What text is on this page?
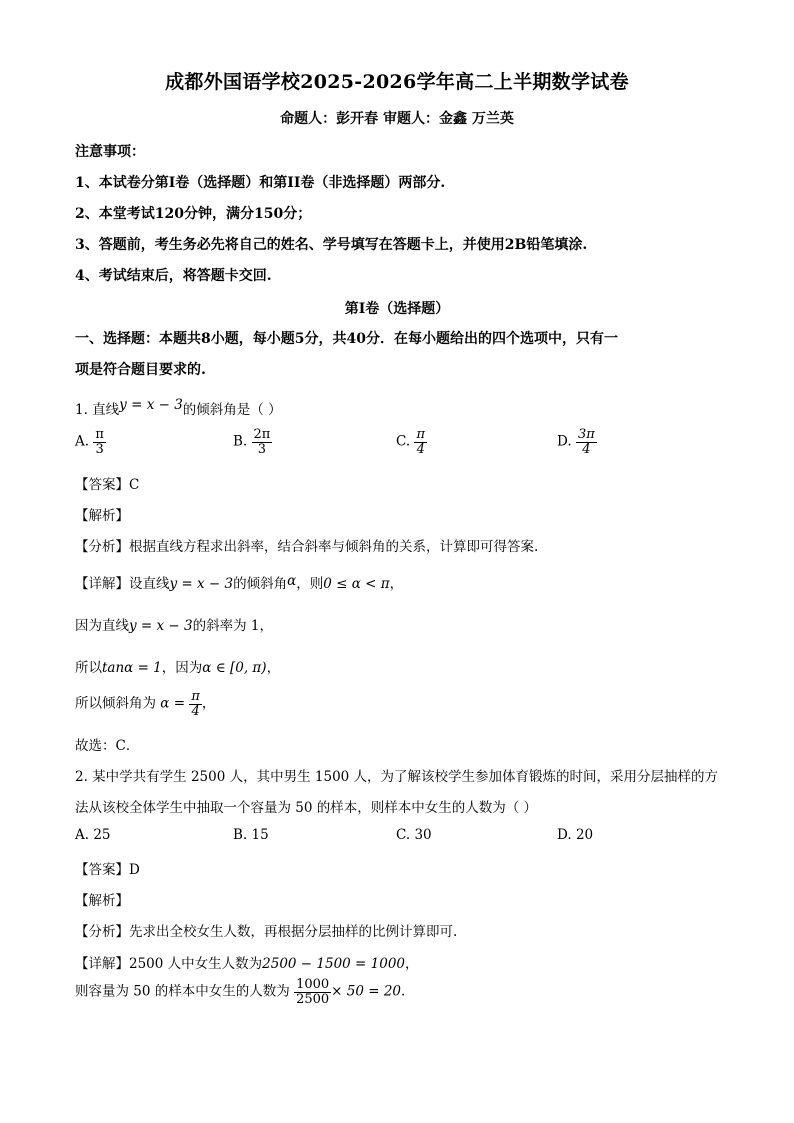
成都外国语学校2025-2026学年高二上半期数学试卷
命题人：彭开春 审题人：金鑫 万兰英
注意事项：
1、本试卷分第I卷（选择题）和第II卷（非选择题）两部分.
2、本堂考试120分钟，满分150分；
3、答题前，考生务必先将自己的姓名、学号填写在答题卡上，并使用2B铅笔填涂.
4、考试结束后，将答题卡交回.
第I卷（选择题）
一、选择题：本题共8小题，每小题5分，共40分．在每小题给出的四个选项中，只有一
项是符合题目要求的.
1. 直线y = x − 3的倾斜角是（ ）
A. $\frac{\pi}{3}$	B. $\frac{2\pi}{3}$	C. $\frac{\pi}{4}$	D. $\frac{3\pi}{4}$
【答案】C
【解析】
【分析】根据直线方程求出斜率，结合斜率与倾斜角的关系，计算即可得答案.
【详解】设直线y = x − 3的倾斜角α，则0 ≤ α < π，
因为直线y = x − 3的斜率为 1，
所以tanα = 1，因为α ∈ [0, π)，
所以倾斜角为 $\alpha = \frac{\pi}{4}$ ，
故选：C．
2. 某中学共有学生 2500 人，其中男生 1500 人，为了解该校学生参加体育锻炼的时间，采用分层抽样的方
法从该校全体学生中抽取一个容量为 50 的样本，则样本中女生的人数为（ ）
A. 25	B. 15	C. 30	D. 20
【答案】D
【解析】
【分析】先求出全校女生人数，再根据分层抽样的比例计算即可.
【详解】2500 人中女生人数为2500 − 1500 = 1000，
则容量为 50 的样本中女生的人数为 $\frac{1000}{2500} \times 50 = 20$.
